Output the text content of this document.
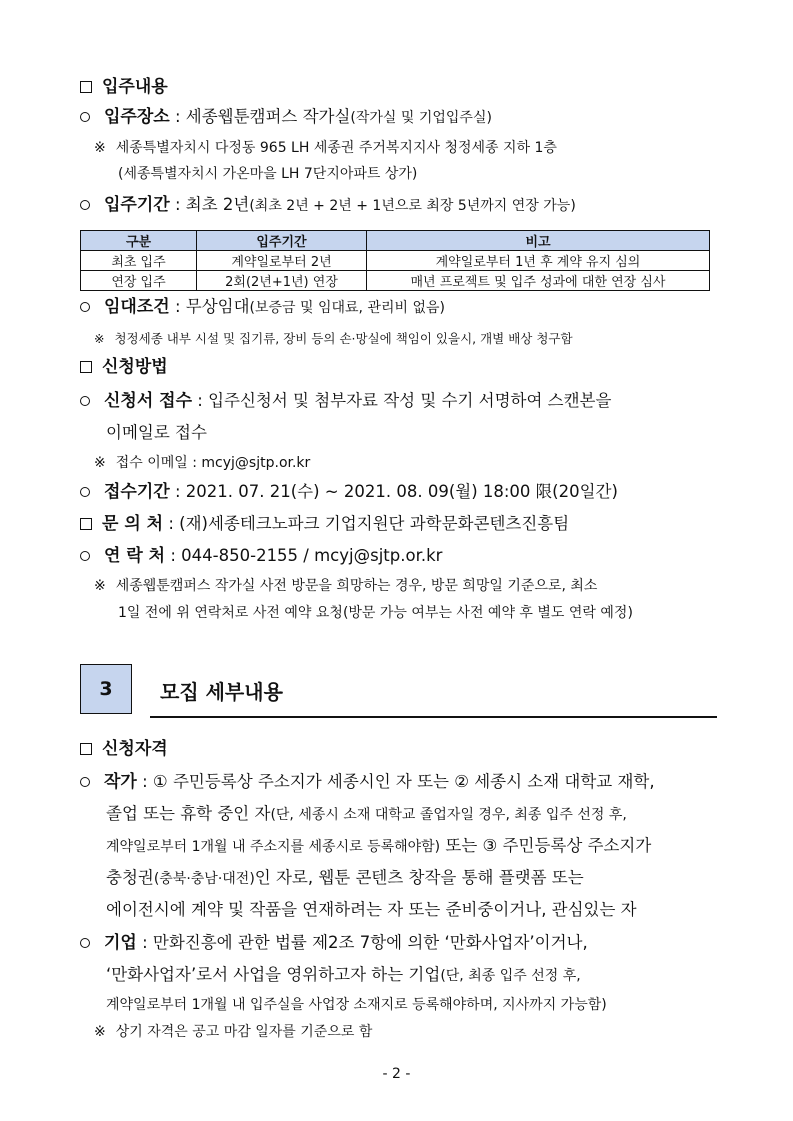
입주내용
입주장소 : 세종웹툰캠퍼스 작가실(작가실 및 기업입주실)
※ 세종특별자치시 다정동 965 LH 세종권 주거복지지사 청정세종 지하 1층
(세종특별자치시 가온마을 LH 7단지아파트 상가)
입주기간 : 최초 2년(최초 2년 + 2년 + 1년으로 최장 5년까지 연장 가능)
구분	입주기간	비고
최초 입주	계약일로부터 2년	계약일로부터 1년 후 계약 유지 심의
연장 입주	2회(2년+1년) 연장	매년 프로젝트 및 입주 성과에 대한 연장 심사
임대조건 : 무상임대(보증금 및 임대료, 관리비 없음)
※ 청정세종 내부 시설 및 집기류, 장비 등의 손·망실에 책임이 있을시, 개별 배상 청구함
신청방법
신청서 접수 : 입주신청서 및 첨부자료 작성 및 수기 서명하여 스캔본을
이메일로 접수
※ 접수 이메일 : mcyj@sjtp.or.kr
접수기간 : 2021. 07. 21(수) ~ 2021. 08. 09(월) 18:00 限(20일간)
문 의 처 : (재)세종테크노파크 기업지원단 과학문화콘텐츠진흥팀
연 락 처 : 044-850-2155 / mcyj@sjtp.or.kr
※ 세종웹툰캠퍼스 작가실 사전 방문을 희망하는 경우, 방문 희망일 기준으로, 최소
1일 전에 위 연락처로 사전 예약 요청(방문 가능 여부는 사전 예약 후 별도 연락 예정)
3	모집 세부내용
신청자격
작가 : ① 주민등록상 주소지가 세종시인 자 또는 ② 세종시 소재 대학교 재학,
졸업 또는 휴학 중인 자(단, 세종시 소재 대학교 졸업자일 경우, 최종 입주 선정 후,
계약일로부터 1개월 내 주소지를 세종시로 등록해야함) 또는 ③ 주민등록상 주소지가
충청권(충북·충남·대전)인 자로, 웹툰 콘텐츠 창작을 통해 플랫폼 또는
에이전시에 계약 및 작품을 연재하려는 자 또는 준비중이거나, 관심있는 자
기업 : 만화진흥에 관한 법률 제2조 7항에 의한 ‘만화사업자’이거나,
‘만화사업자’로서 사업을 영위하고자 하는 기업(단, 최종 입주 선정 후,
계약일로부터 1개월 내 입주실을 사업장 소재지로 등록해야하며, 지사까지 가능함)
※ 상기 자격은 공고 마감 일자를 기준으로 함
- 2 -
